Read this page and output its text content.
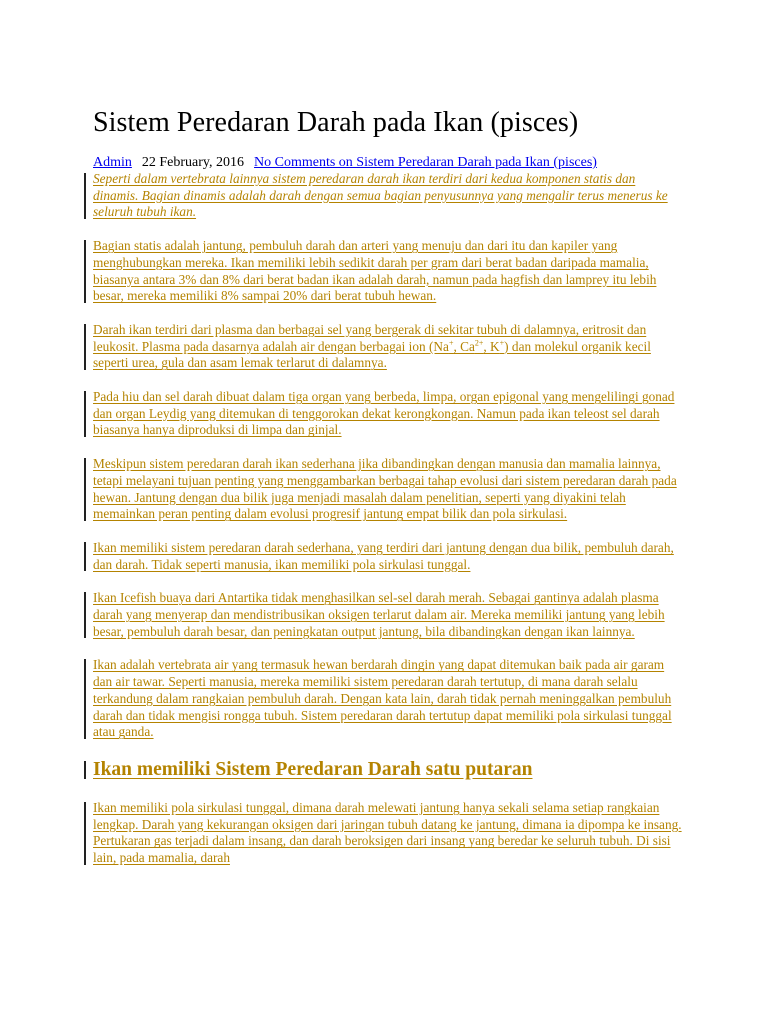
Sistem Peredaran Darah pada Ikan (pisces)
Admin 22 February, 2016 No Comments on Sistem Peredaran Darah pada Ikan (pisces)

Seperti dalam vertebrata lainnya sistem peredaran darah ikan terdiri dari kedua komponen statis dan dinamis. Bagian dinamis adalah darah dengan semua bagian penyusunnya yang mengalir terus menerus ke seluruh tubuh ikan.

Bagian statis adalah jantung, pembuluh darah dan arteri yang menuju dan dari itu dan kapiler yang menghubungkan mereka. Ikan memiliki lebih sedikit darah per gram dari berat badan daripada mamalia, biasanya antara 3% dan 8% dari berat badan ikan adalah darah, namun pada hagfish dan lamprey itu lebih besar, mereka memiliki 8% sampai 20% dari berat tubuh hewan.

Darah ikan terdiri dari plasma dan berbagai sel yang bergerak di sekitar tubuh di dalamnya, eritrosit dan leukosit. Plasma pada dasarnya adalah air dengan berbagai ion (Na+, $Ca^{2+}$, K+) dan molekul organik kecil seperti urea, gula dan asam lemak terlarut di dalamnya.

Pada hiu dan sel darah dibuat dalam tiga organ yang berbeda, limpa, organ epigonal yang mengelilingi gonad dan organ Leydig yang ditemukan di tenggorokan dekat kerongkongan. Namun pada ikan teleost sel darah biasanya hanya diproduksi di limpa dan ginjal.

Meskipun sistem peredaran darah ikan sederhana jika dibandingkan dengan manusia dan mamalia lainnya, tetapi melayani tujuan penting yang menggambarkan berbagai tahap evolusi dari sistem peredaran darah pada hewan. Jantung dengan dua bilik juga menjadi masalah dalam penelitian, seperti yang diyakini telah memainkan peran penting dalam evolusi progresif jantung empat bilik dan pola sirkulasi.

Ikan memiliki sistem peredaran darah sederhana, yang terdiri dari jantung dengan dua bilik, pembuluh darah, dan darah. Tidak seperti manusia, ikan memiliki pola sirkulasi tunggal.

Ikan Icefish buaya dari Antartika tidak menghasilkan sel-sel darah merah. Sebagai gantinya adalah plasma darah yang menyerap dan mendistribusikan oksigen terlarut dalam air. Mereka memiliki jantung yang lebih besar, pembuluh darah besar, dan peningkatan output jantung, bila dibandingkan dengan ikan lainnya.

Ikan adalah vertebrata air yang termasuk hewan berdarah dingin yang dapat ditemukan baik pada air garam dan air tawar. Seperti manusia, mereka memiliki sistem peredaran darah tertutup, di mana darah selalu terkandung dalam rangkaian pembuluh darah. Dengan kata lain, darah tidak pernah meninggalkan pembuluh darah dan tidak mengisi rongga tubuh. Sistem peredaran darah tertutup dapat memiliki pola sirkulasi tunggal atau ganda.

Ikan memiliki Sistem Peredaran Darah satu putaran

Ikan memiliki pola sirkulasi tunggal, dimana darah melewati jantung hanya sekali selama setiap rangkaian lengkap. Darah yang kekurangan oksigen dari jaringan tubuh datang ke jantung, dimana ia dipompa ke insang. Pertukaran gas terjadi dalam insang, dan darah beroksigen dari insang yang beredar ke seluruh tubuh. Di sisi lain, pada mamalia, darah
